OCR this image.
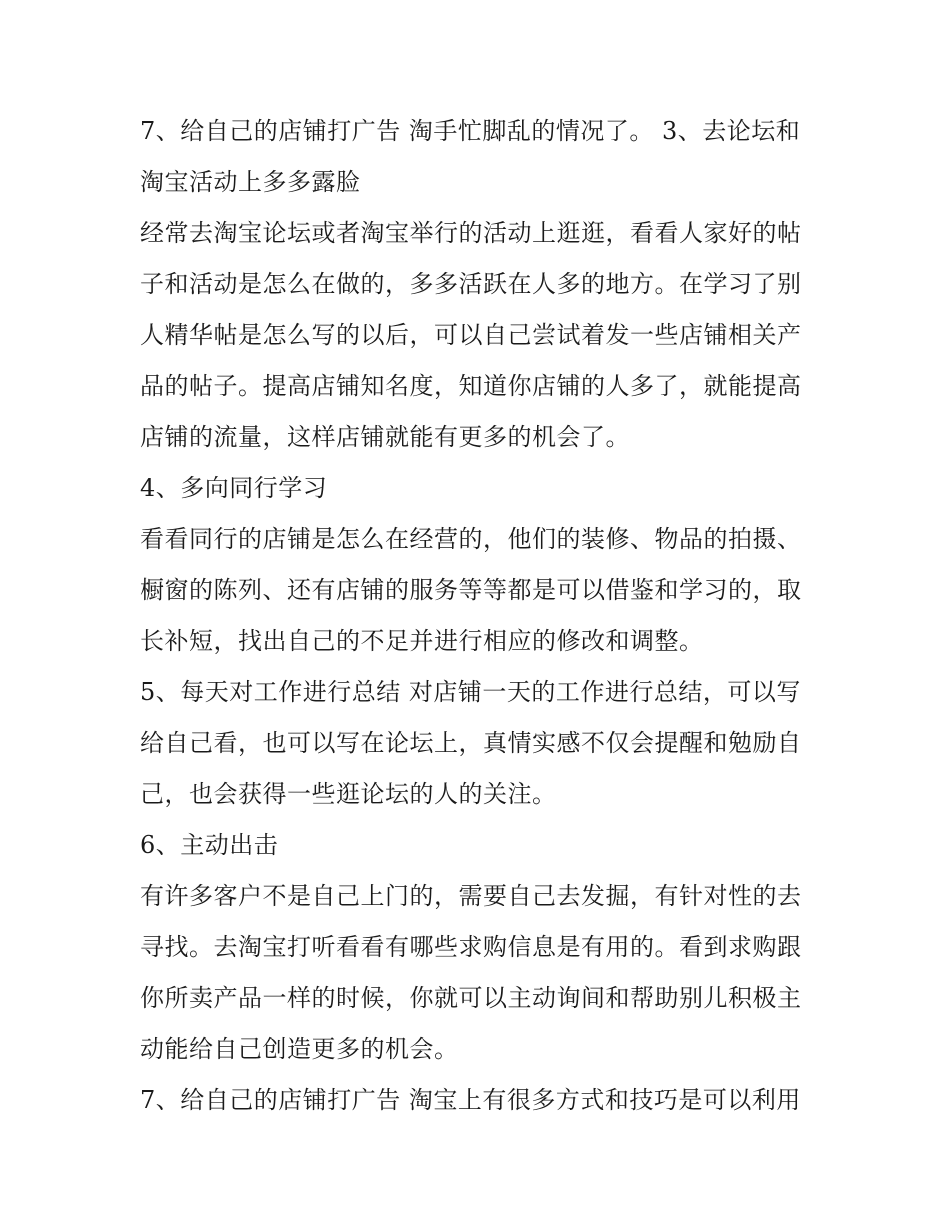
7、给自己的店铺打广告 淘手忙脚乱的情况了。 3、去论坛和
淘宝活动上多多露脸
经常去淘宝论坛或者淘宝举行的活动上逛逛，看看人家好的帖
子和活动是怎么在做的，多多活跃在人多的地方。在学习了别
人精华帖是怎么写的以后，可以自己尝试着发一些店铺相关产
品的帖子。提高店铺知名度，知道你店铺的人多了，就能提高
店铺的流量，这样店铺就能有更多的机会了。
4、多向同行学习
看看同行的店铺是怎么在经营的，他们的装修、物品的拍摄、
橱窗的陈列、还有店铺的服务等等都是可以借鉴和学习的，取
长补短，找出自己的不足并进行相应的修改和调整。
5、每天对工作进行总结 对店铺一天的工作进行总结，可以写
给自己看，也可以写在论坛上，真情实感不仅会提醒和勉励自
己，也会获得一些逛论坛的人的关注。
6、主动出击
有许多客户不是自己上门的，需要自己去发掘，有针对性的去
寻找。去淘宝打听看看有哪些求购信息是有用的。看到求购跟
你所卖产品一样的时候，你就可以主动询间和帮助别儿积极主
动能给自己创造更多的机会。
7、给自己的店铺打广告 淘宝上有很多方式和技巧是可以利用
